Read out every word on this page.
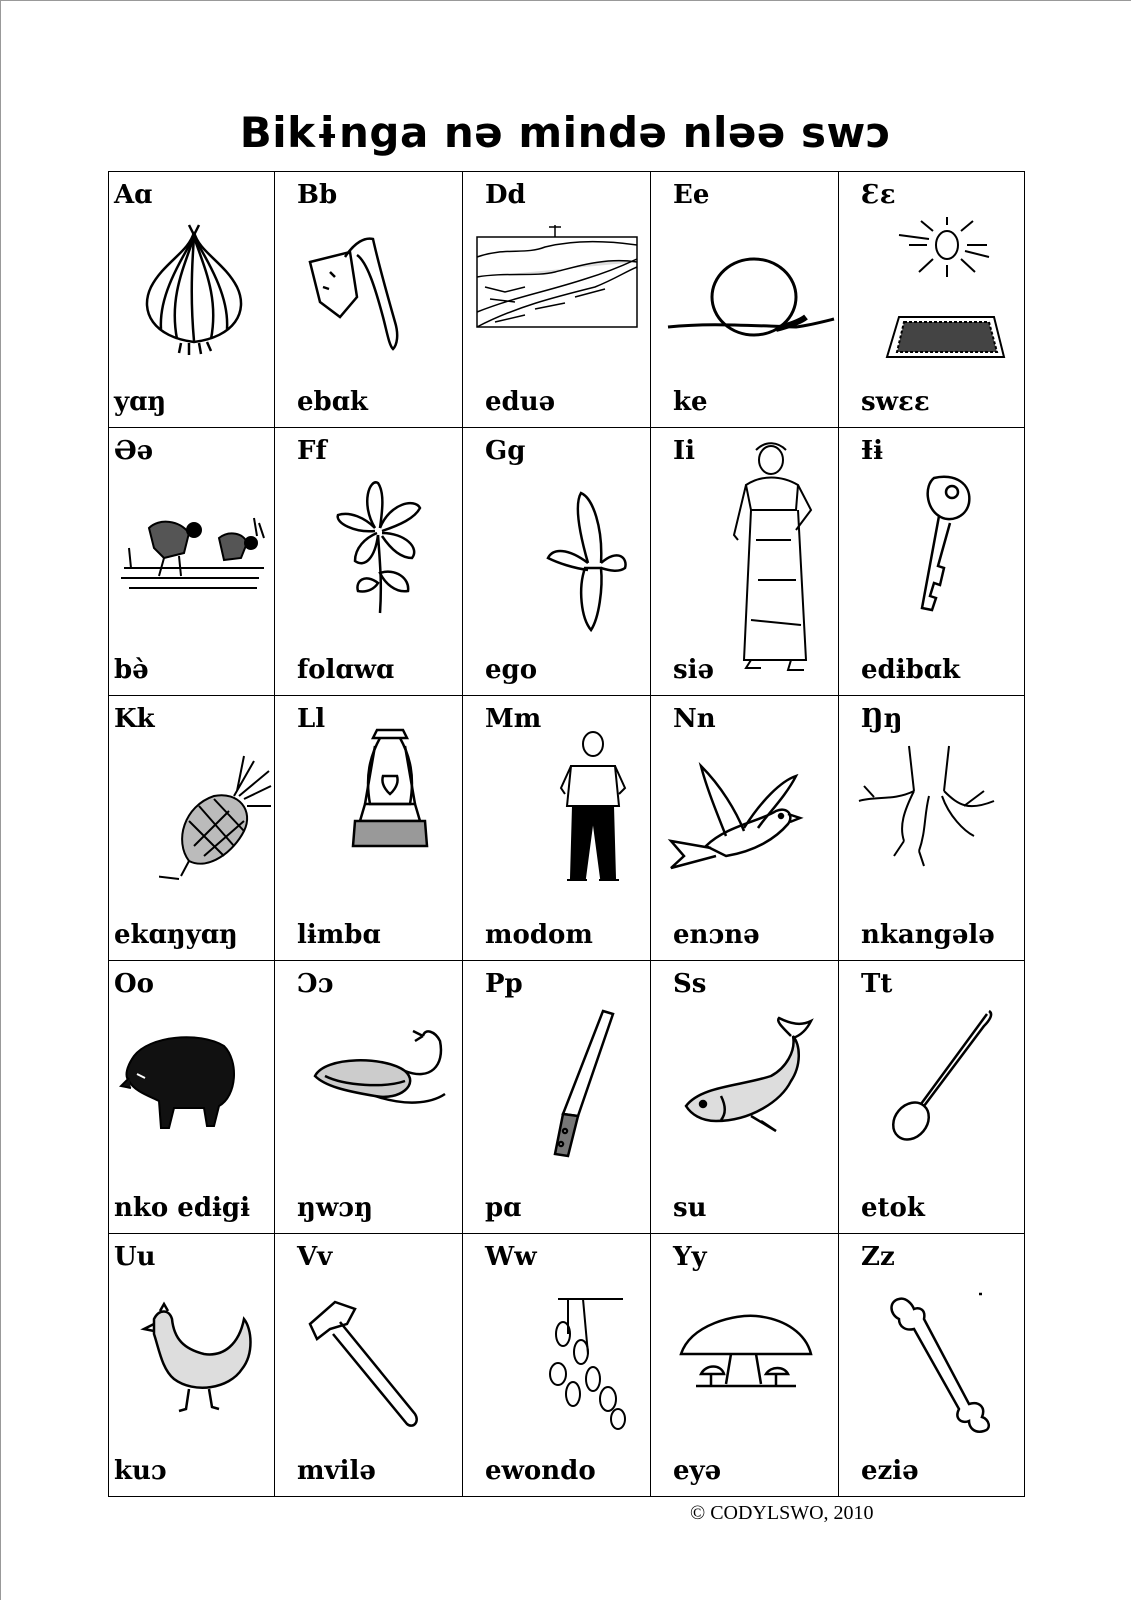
Bikɨnga nə mində nləə swɔ
Aɑ
yɑŋ
Bb
ebɑk
Dd
eduə
Ee
ke
Ɛɛ
swɛɛ
Əə
bə̀
Ff
folɑwɑ
Gg
ego
Ii
siə
Ɨɨ
edɨbɑk
Kk
ekɑŋyɑŋ
Ll
lɨmbɑ
Mm
modom
Nn
enɔnə
Ŋŋ
nkangələ
Oo
nko edɨgɨ
Ɔɔ
ŋwɔŋ
Pp
pɑ
Ss
su
Tt
etok
Uu
kuɔ
Vv
mvilə
Ww
ewondo
Yy
eyə
Zz
eziə
© CODYLSWO, 2010
